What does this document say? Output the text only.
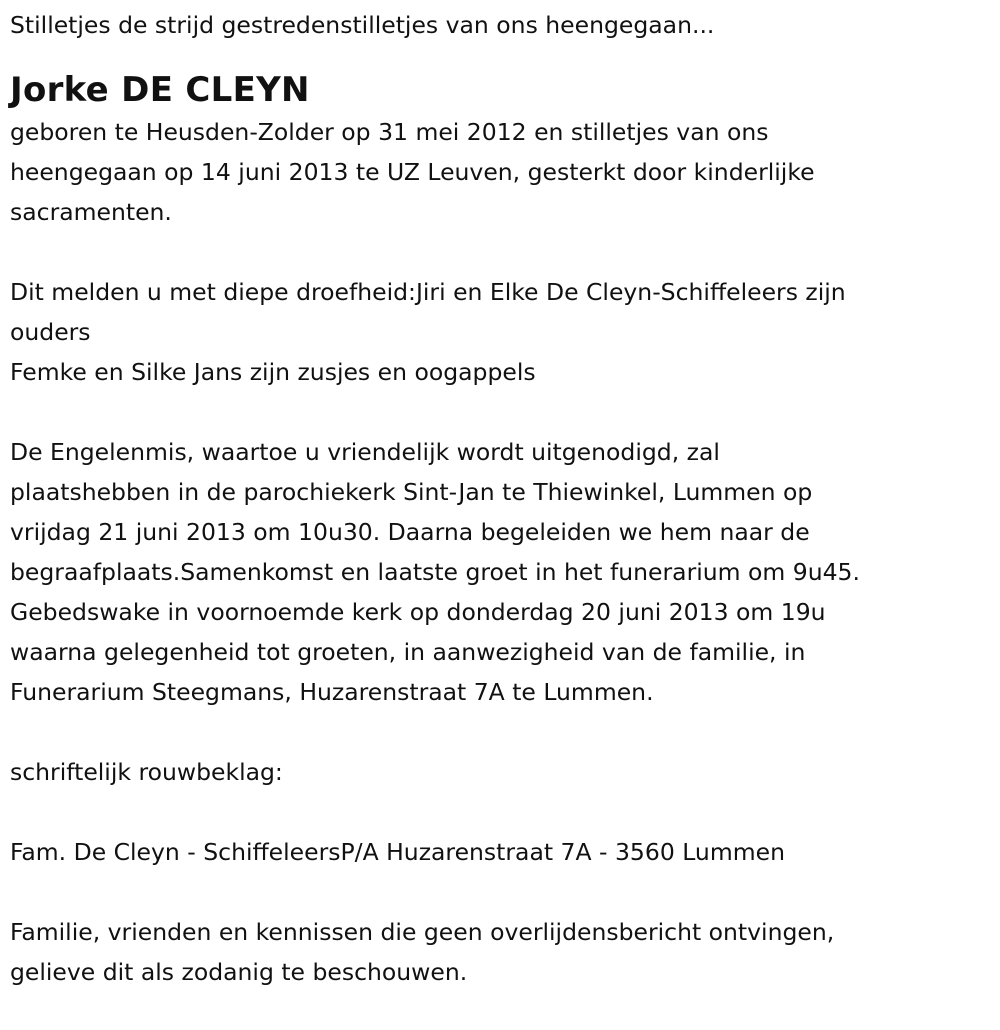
Stilletjes de strijd gestredenstilletjes van ons heengegaan...

Jorke DE CLEYN

geboren te Heusden-Zolder op 31 mei 2012 en stilletjes van ons
heengegaan op 14 juni 2013 te UZ Leuven, gesterkt door kinderlijke
sacramenten.

Dit melden u met diepe droefheid:Jiri en Elke De Cleyn-Schiffeleers zijn
ouders
Femke en Silke Jans zijn zusjes en oogappels

De Engelenmis, waartoe u vriendelijk wordt uitgenodigd, zal
plaatshebben in de parochiekerk Sint-Jan te Thiewinkel, Lummen op
vrijdag 21 juni 2013 om 10u30. Daarna begeleiden we hem naar de
begraafplaats.Samenkomst en laatste groet in het funerarium om 9u45.
Gebedswake in voornoemde kerk op donderdag 20 juni 2013 om 19u
waarna gelegenheid tot groeten, in aanwezigheid van de familie, in
Funerarium Steegmans, Huzarenstraat 7A te Lummen.

schriftelijk rouwbeklag:

Fam. De Cleyn - SchiffeleersP/A Huzarenstraat 7A - 3560 Lummen

Familie, vrienden en kennissen die geen overlijdensbericht ontvingen,
gelieve dit als zodanig te beschouwen.
